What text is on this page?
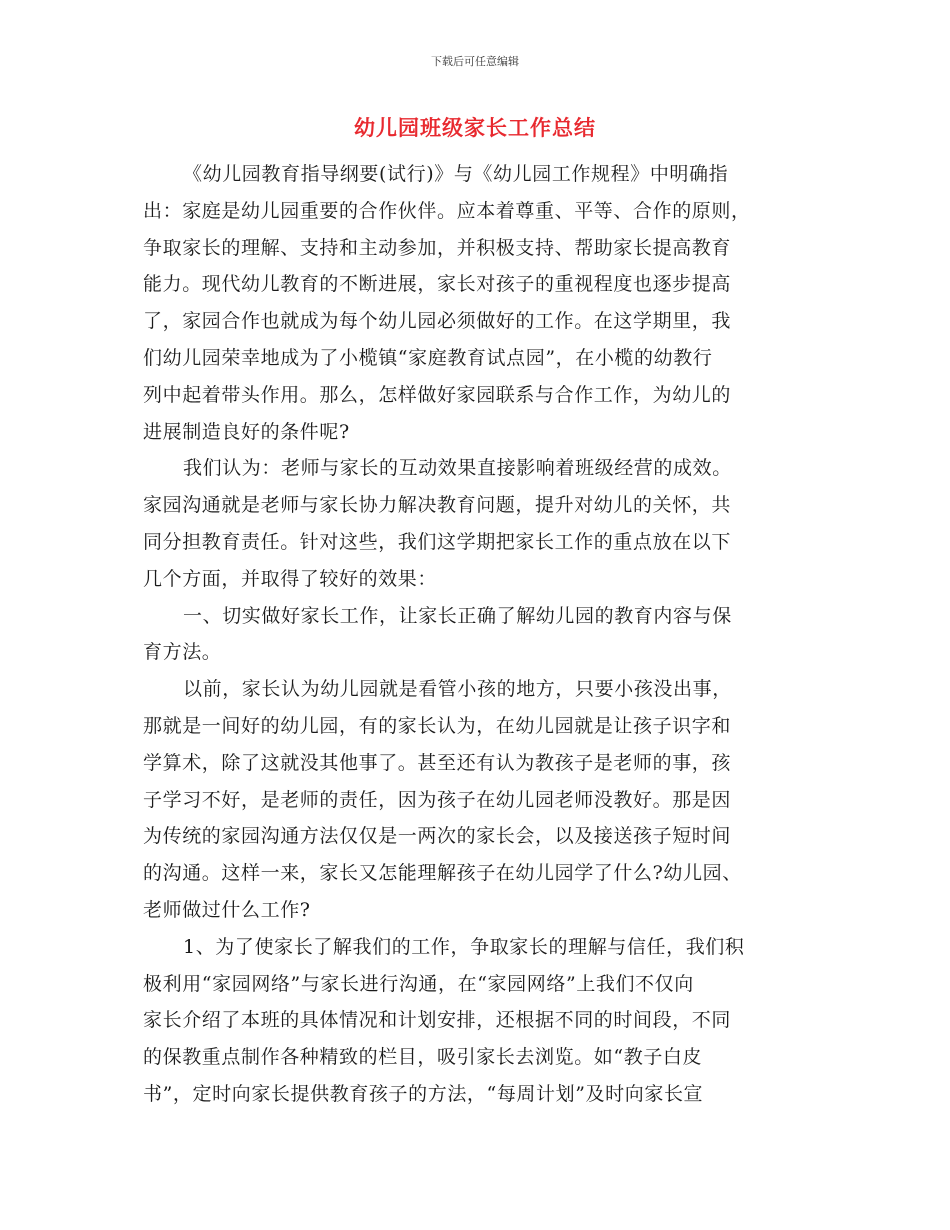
下载后可任意编辑
幼儿园班级家长工作总结
《幼儿园教育指导纲要(试行)》与《幼儿园工作规程》中明确指
出：家庭是幼儿园重要的合作伙伴。应本着尊重、平等、合作的原则，
争取家长的理解、支持和主动参加，并积极支持、帮助家长提高教育
能力。现代幼儿教育的不断进展，家长对孩子的重视程度也逐步提高
了，家园合作也就成为每个幼儿园必须做好的工作。在这学期里，我
们幼儿园荣幸地成为了小榄镇“家庭教育试点园”，在小榄的幼教行
列中起着带头作用。那么，怎样做好家园联系与合作工作，为幼儿的
进展制造良好的条件呢?
我们认为：老师与家长的互动效果直接影响着班级经营的成效。
家园沟通就是老师与家长协力解决教育问题，提升对幼儿的关怀，共
同分担教育责任。针对这些，我们这学期把家长工作的重点放在以下
几个方面，并取得了较好的效果：
一、切实做好家长工作，让家长正确了解幼儿园的教育内容与保
育方法。
以前，家长认为幼儿园就是看管小孩的地方，只要小孩没出事，
那就是一间好的幼儿园，有的家长认为，在幼儿园就是让孩子识字和
学算术，除了这就没其他事了。甚至还有认为教孩子是老师的事，孩
子学习不好，是老师的责任，因为孩子在幼儿园老师没教好。那是因
为传统的家园沟通方法仅仅是一两次的家长会，以及接送孩子短时间
的沟通。这样一来，家长又怎能理解孩子在幼儿园学了什么?幼儿园、
老师做过什么工作?
1、为了使家长了解我们的工作，争取家长的理解与信任，我们积
极利用“家园网络”与家长进行沟通，在“家园网络”上我们不仅向
家长介绍了本班的具体情况和计划安排，还根据不同的时间段，不同
的保教重点制作各种精致的栏目，吸引家长去浏览。如“教子白皮
书”，定时向家长提供教育孩子的方法，“每周计划”及时向家长宣
